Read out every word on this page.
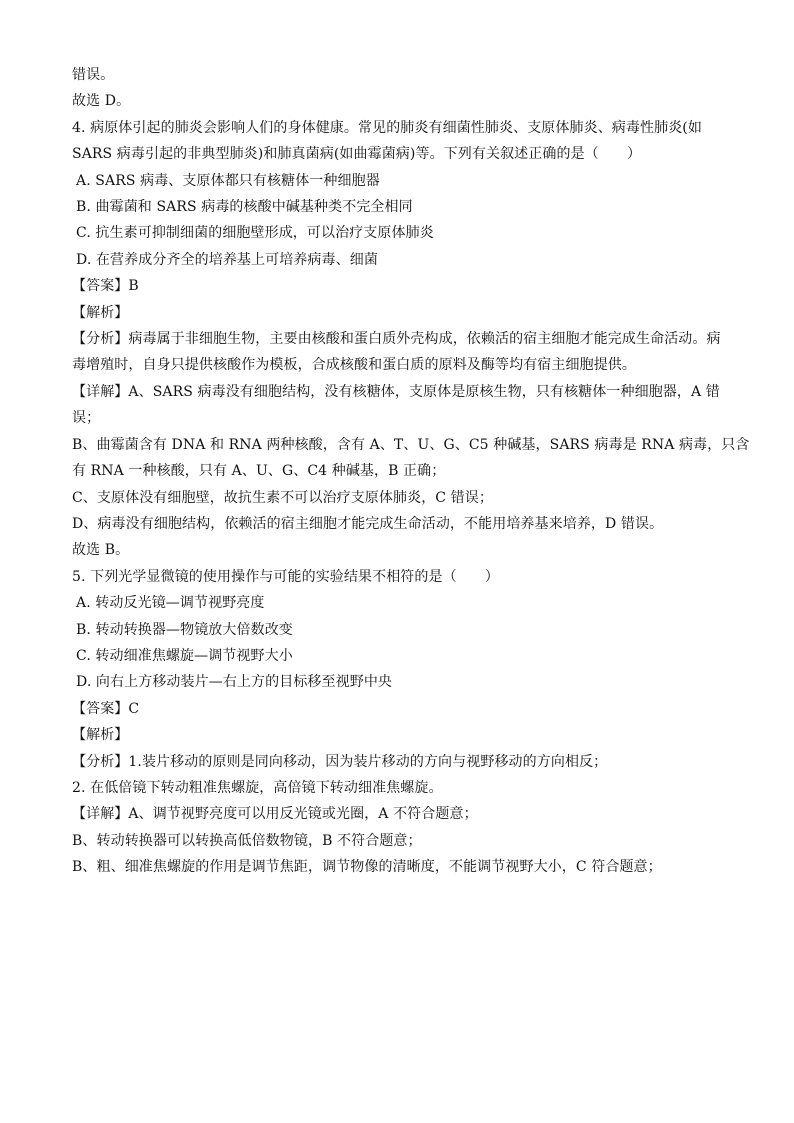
错误。
故选 D。
4. 病原体引起的肺炎会影响人们的身体健康。常见的肺炎有细菌性肺炎、支原体肺炎、病毒性肺炎(如
SARS 病毒引起的非典型肺炎)和肺真菌病(如曲霉菌病)等。下列有关叙述正确的是（　　）
A. SARS 病毒、支原体都只有核糖体一种细胞器
B. 曲霉菌和 SARS 病毒的核酸中碱基种类不完全相同
C. 抗生素可抑制细菌的细胞壁形成，可以治疗支原体肺炎
D. 在营养成分齐全的培养基上可培养病毒、细菌
【答案】B
【解析】
【分析】病毒属于非细胞生物，主要由核酸和蛋白质外壳构成，依赖活的宿主细胞才能完成生命活动。病
毒增殖时，自身只提供核酸作为模板，合成核酸和蛋白质的原料及酶等均有宿主细胞提供。
【详解】A、SARS 病毒没有细胞结构，没有核糖体，支原体是原核生物，只有核糖体一种细胞器，A 错
误；
B、曲霉菌含有 DNA 和 RNA 两种核酸，含有 A、T、U、G、C5 种碱基，SARS 病毒是 RNA 病毒，只含
有 RNA 一种核酸，只有 A、U、G、C4 种碱基，B 正确；
C、支原体没有细胞壁，故抗生素不可以治疗支原体肺炎，C 错误；
D、病毒没有细胞结构，依赖活的宿主细胞才能完成生命活动，不能用培养基来培养，D 错误。
故选 B。
5. 下列光学显微镜的使用操作与可能的实验结果不相符的是（　　）
A. 转动反光镜—调节视野亮度
B. 转动转换器—物镜放大倍数改变
C. 转动细准焦螺旋—调节视野大小
D. 向右上方移动装片—右上方的目标移至视野中央
【答案】C
【解析】
【分析】1.装片移动的原则是同向移动，因为装片移动的方向与视野移动的方向相反；
2. 在低倍镜下转动粗准焦螺旋，高倍镜下转动细准焦螺旋。
【详解】A、调节视野亮度可以用反光镜或光圈，A 不符合题意；
B、转动转换器可以转换高低倍数物镜，B 不符合题意；
B、粗、细准焦螺旋的作用是调节焦距，调节物像的清晰度，不能调节视野大小，C 符合题意；
